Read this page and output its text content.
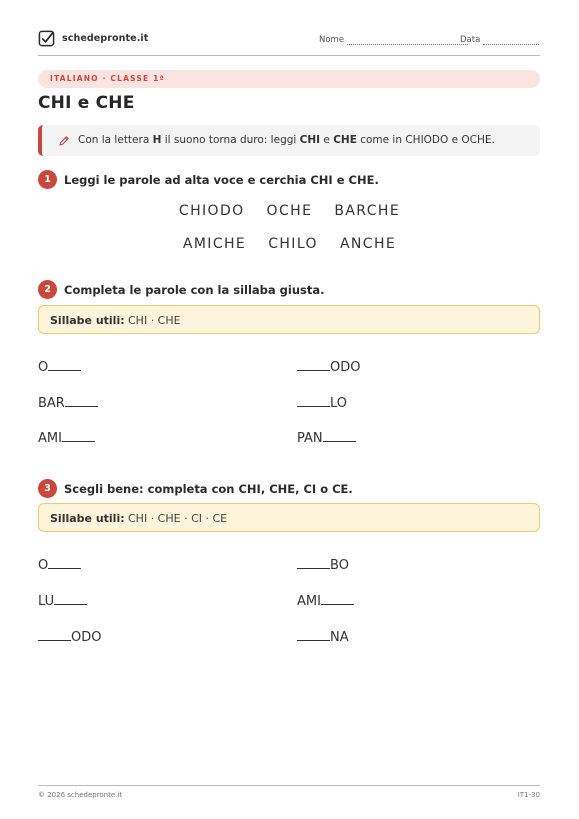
schedepronte.it	Nome	Data
ITALIANO · CLASSE 1ª
CHI e CHE
Con la lettera H il suono torna duro: leggi CHI e CHE come in CHIODO e OCHE.
1	Leggi le parole ad alta voce e cerchia CHI e CHE.
CHIODO OCHE BARCHE
AMICHE CHILO ANCHE
2	Completa le parole con la sillaba giusta.
Sillabe utili: CHI · CHE
O	ODO
BAR	LO
AMI	PAN
3	Scegli bene: completa con CHI, CHE, CI o CE.
Sillabe utili: CHI · CHE · CI · CE
O	BO
LU	AMI
ODO	NA
© 2026 schedepronte.it	IT1-30
